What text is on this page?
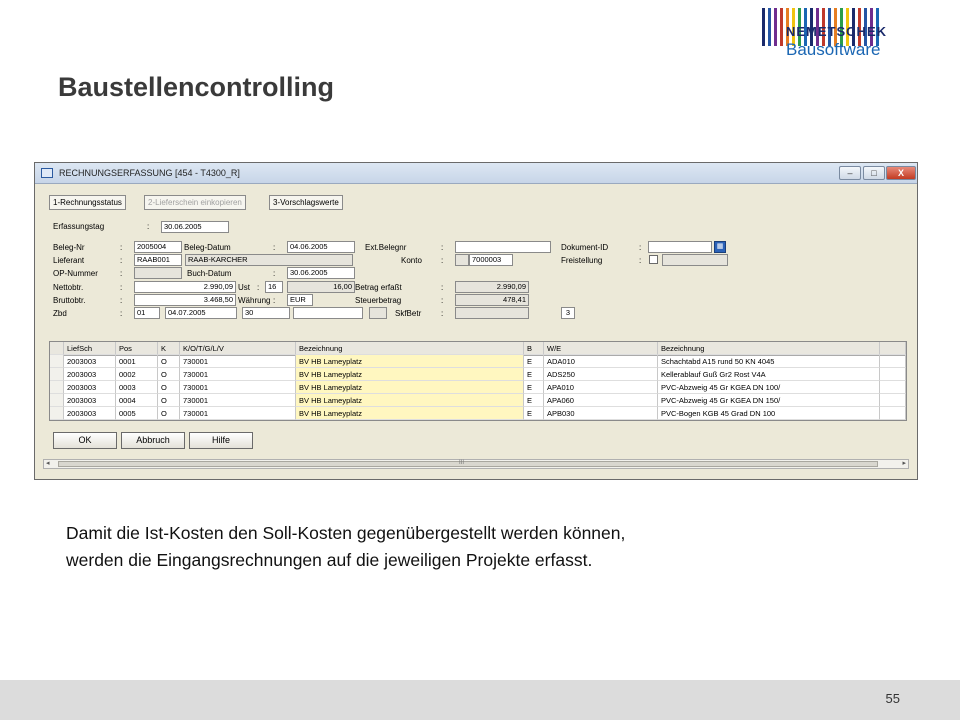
Baustellencontrolling
NEMETSCHEK
Bausoftware
RECHNUNGSERFASSUNG [454 - T4300_R]	–	□	X
1-Rechnungsstatus	2-Lieferschein einkopieren	3-Vorschlagswerte
Erfassungstag	:	30.06.2005
Beleg-Nr	:	2005004	Beleg-Datum	:	04.06.2005	Ext.Belegnr	:	Dokument-ID	:	▦
Lieferant	:	RAAB001	RAAB-KARCHER	Konto :	7000003	Freistellung	:
OP-Nummer	:	Buch-Datum	:	30.06.2005
Nettobtr.	:	2.990,09 Ust :	16	16,00 Betrag erfaßt	:	2.990,09
Bruttobtr.	:	3.468,50 Währung :	EUR	Steuerbetrag	:	478,41
Zbd	:	01	04.07.2005	30	SkfBetr :	3
LiefSch	Pos	K	K/O/T/G/L/V	Bezeichnung	B	W/E	Bezeichnung
2003003	0001	O	730001	BV HB Lameyplatz	E	ADA010	Schachtabd A15 rund 50 KN 4045
2003003	0002	O	730001	BV HB Lameyplatz	E	ADS250	Kellerablauf Guß Gr2 Rost V4A
2003003	0003	O	730001	BV HB Lameyplatz	E	APA010	PVC-Abzweig 45 Gr KGEA DN 100/
2003003	0004	O	730001	BV HB Lameyplatz	E	APA060	PVC-Abzweig 45 Gr KGEA DN 150/
2003003	0005	O	730001	BV HB Lameyplatz	E	APB030	PVC-Bogen KGB 45 Grad DN 100
OK	Abbruch	Hilfe
◂	III	▸
Damit die Ist-Kosten den Soll-Kosten gegenübergestellt werden können,
werden die Eingangsrechnungen auf die jeweiligen Projekte erfasst.
55
